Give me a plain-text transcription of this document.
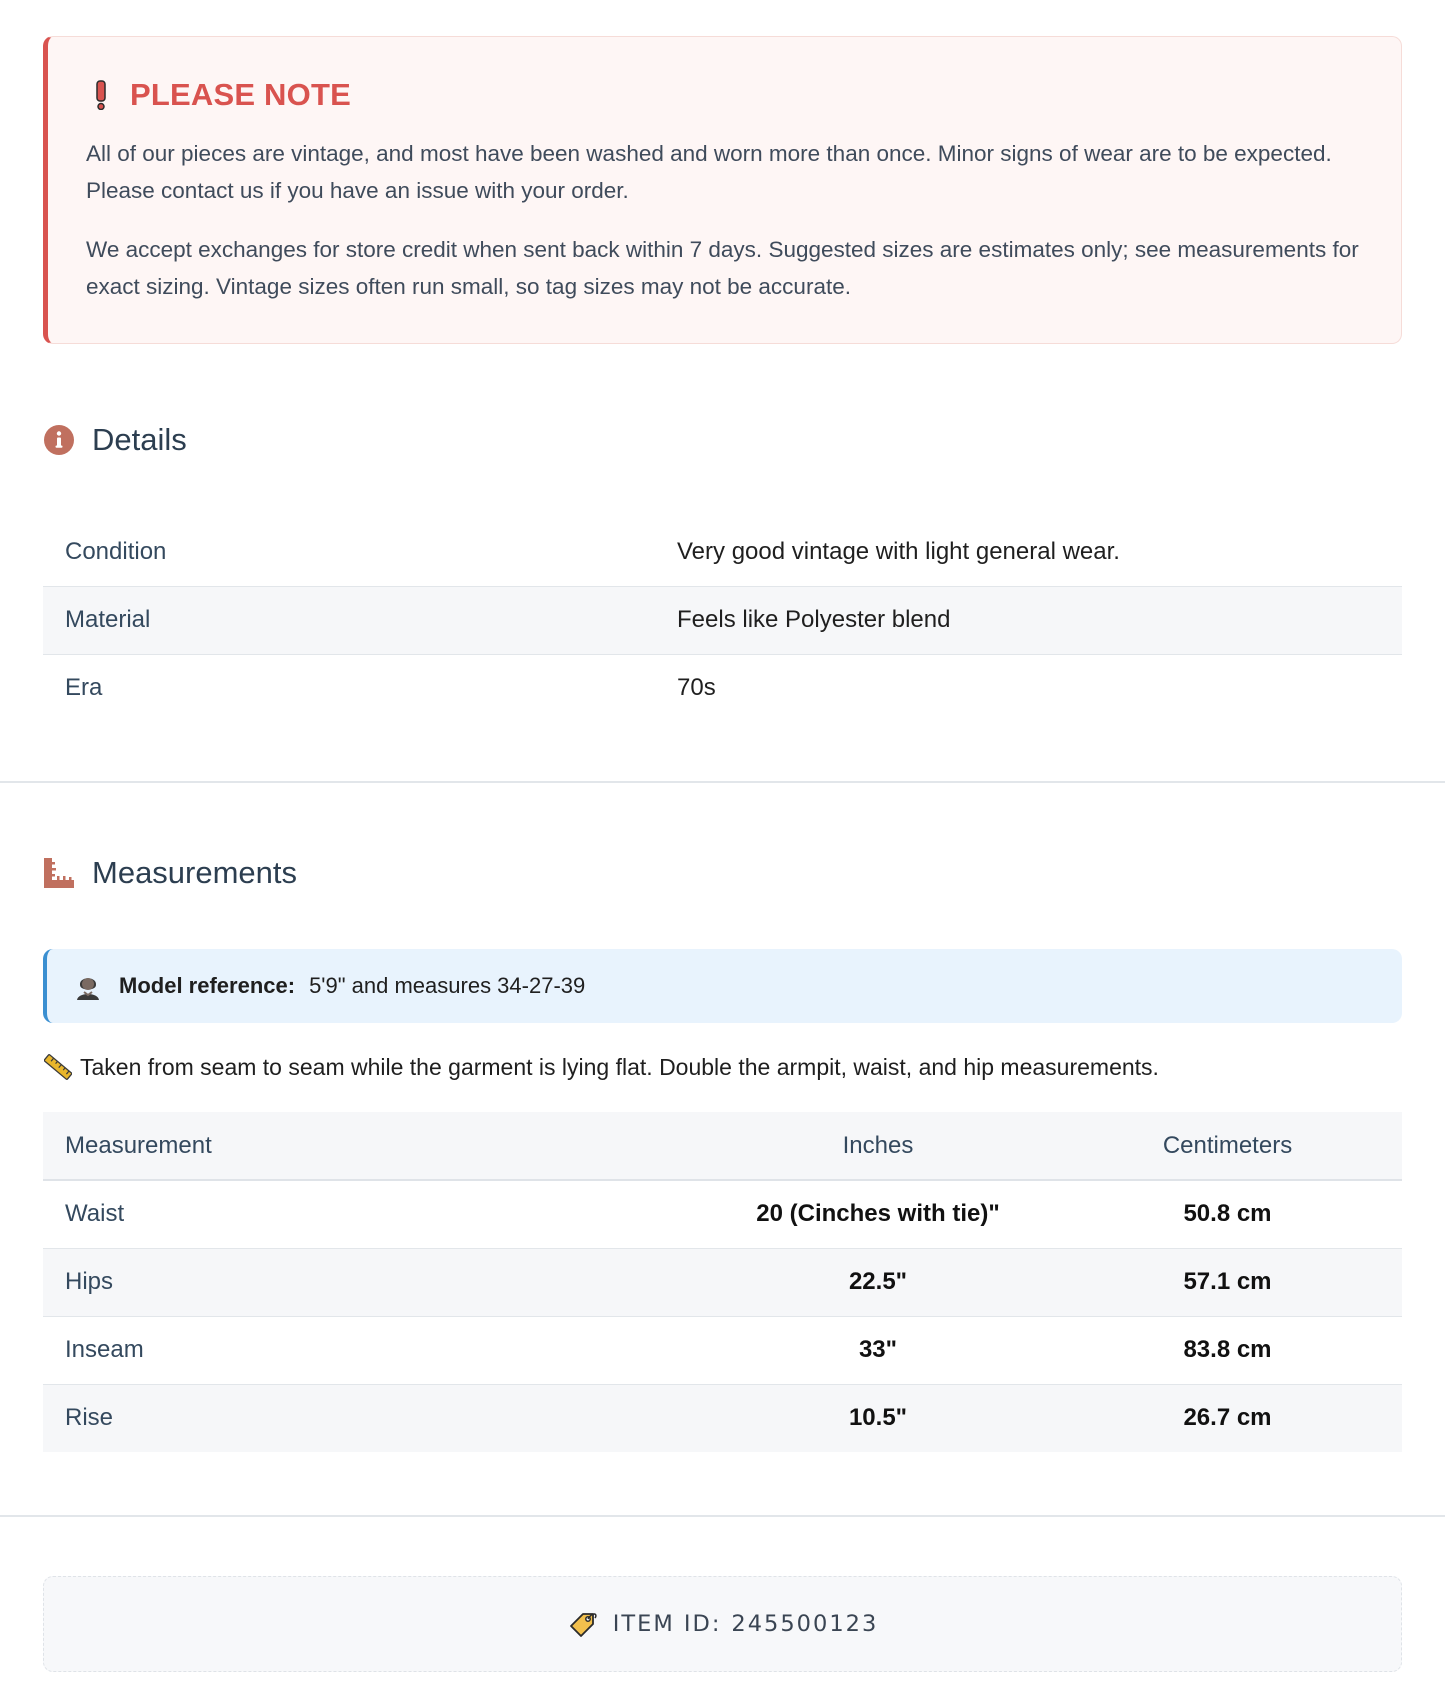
PLEASE NOTE

All of our pieces are vintage, and most have been washed and worn more than once. Minor signs of wear are to be expected. Please contact us if you have an issue with your order.

We accept exchanges for store credit when sent back within 7 days. Suggested sizes are estimates only; see measurements for exact sizing. Vintage sizes often run small, so tag sizes may not be accurate.

Details
Condition	Very good vintage with light general wear.
Material	Feels like Polyester blend
Era	70s
Measurements
Model reference: 5'9" and measures 34-27-39
Taken from seam to seam while the garment is lying flat. Double the armpit, waist, and hip measurements.
Measurement	Inches	Centimeters
Waist	20 (Cinches with tie)"	50.8 cm
Hips	22.5"	57.1 cm
Inseam	33"	83.8 cm
Rise	10.5"	26.7 cm
ITEM ID: 245500123
